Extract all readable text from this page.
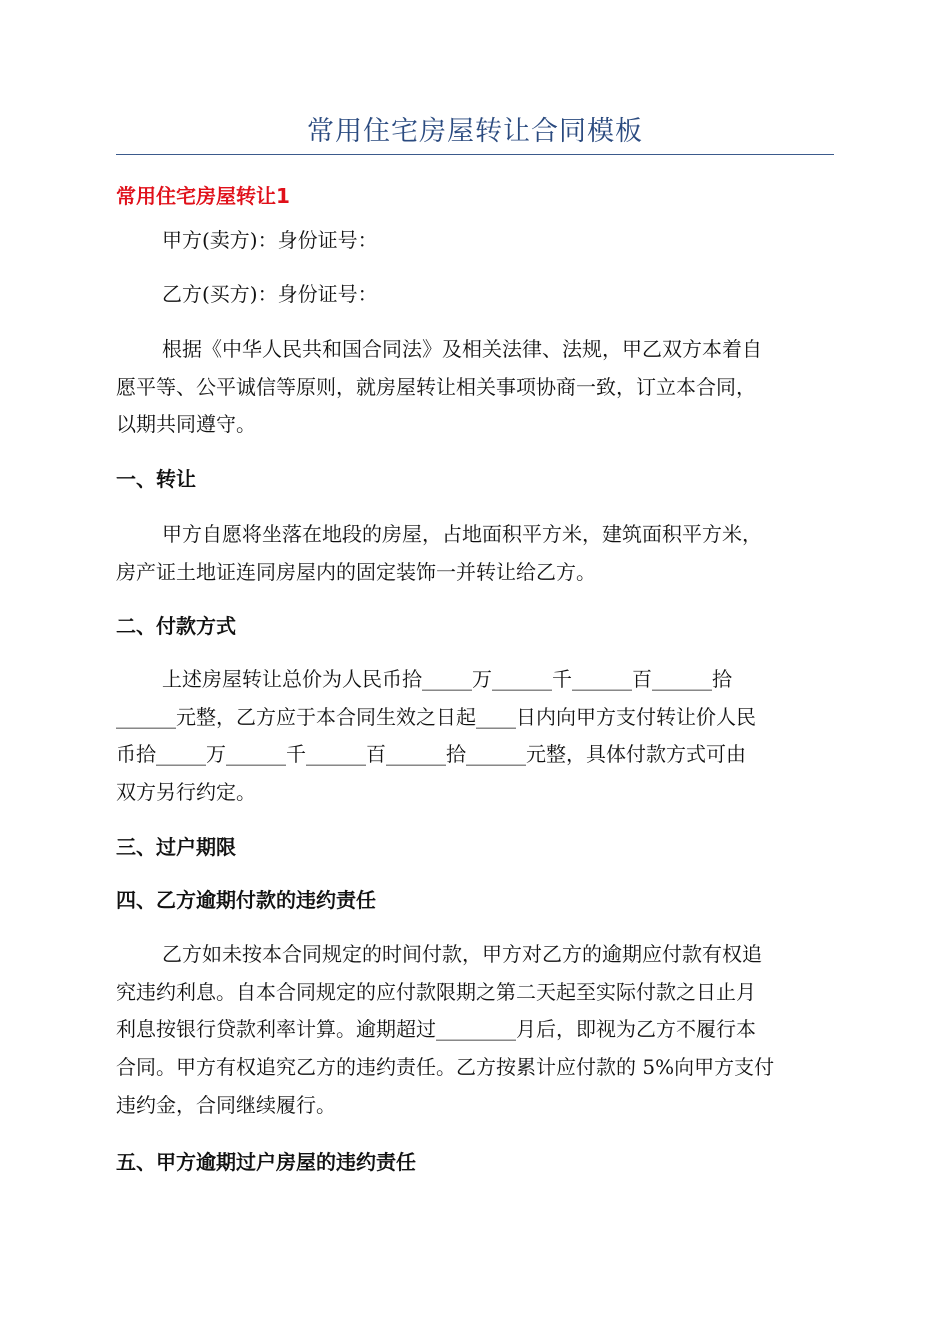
常用住宅房屋转让合同模板
常用住宅房屋转让1
甲方(卖方)：身份证号：
乙方(买方)：身份证号：
根据《中华人民共和国合同法》及相关法律、法规，甲乙双方本着自
愿平等、公平诚信等原则，就房屋转让相关事项协商一致，订立本合同，
以期共同遵守。
一、转让
甲方自愿将坐落在地段的房屋，占地面积平方米，建筑面积平方米，
房产证土地证连同房屋内的固定装饰一并转让给乙方。
二、付款方式
上述房屋转让总价为人民币拾_____万______千______百______拾
______元整，乙方应于本合同生效之日起____日内向甲方支付转让价人民
币拾_____万______千______百______拾______元整，具体付款方式可由
双方另行约定。
三、过户期限
四、乙方逾期付款的违约责任
乙方如未按本合同规定的时间付款，甲方对乙方的逾期应付款有权追
究违约利息。自本合同规定的应付款限期之第二天起至实际付款之日止月
利息按银行贷款利率计算。逾期超过________月后，即视为乙方不履行本
合同。甲方有权追究乙方的违约责任。乙方按累计应付款的 5%向甲方支付
违约金，合同继续履行。
五、甲方逾期过户房屋的违约责任
